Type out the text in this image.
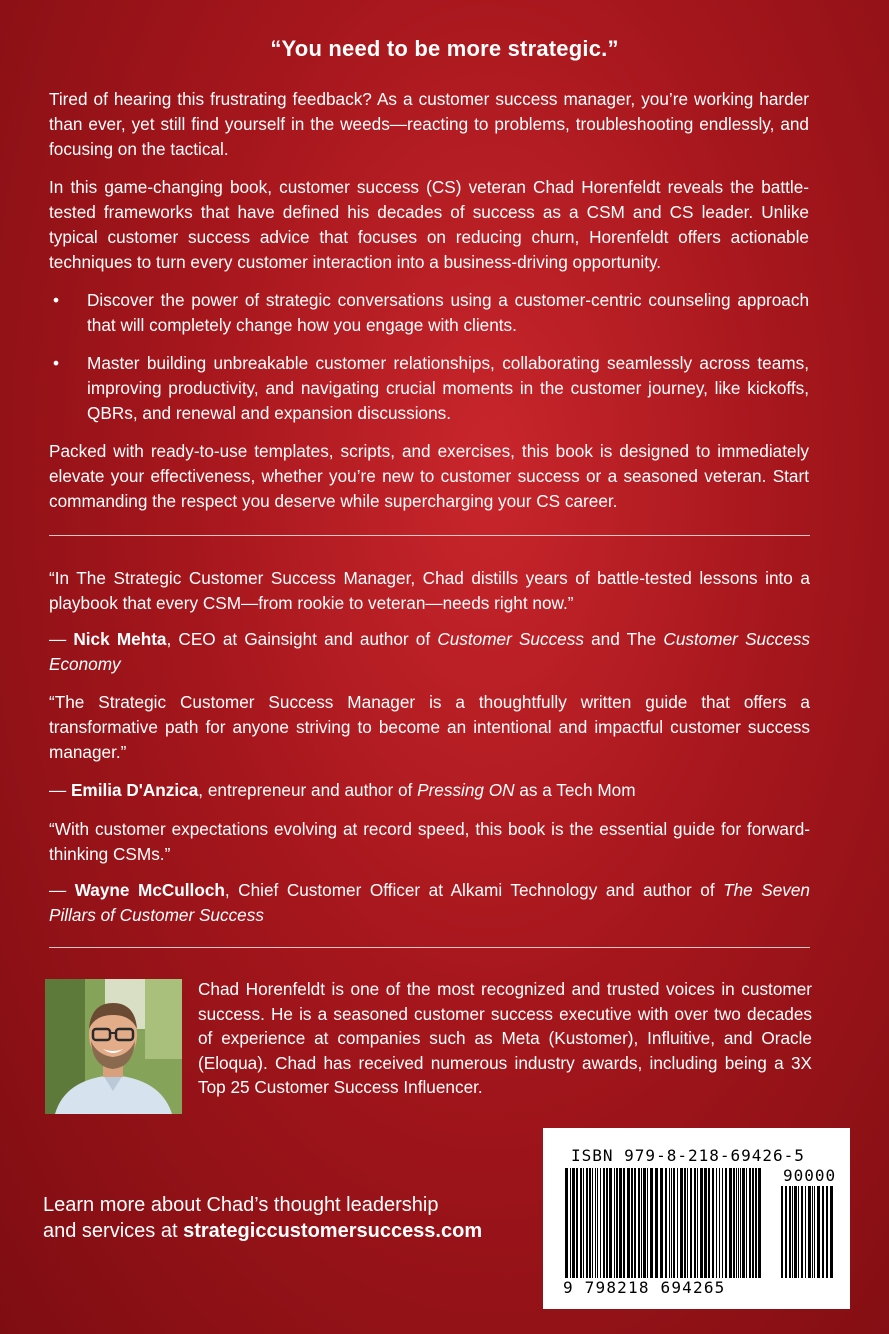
“You need to be more strategic.”
Tired of hearing this frustrating feedback? As a customer success manager, you’re working harder than ever, yet still find yourself in the weeds—reacting to problems, troubleshooting endlessly, and focusing on the tactical.
In this game-changing book, customer success (CS) veteran Chad Horenfeldt reveals the battle-tested frameworks that have defined his decades of success as a CSM and CS leader. Unlike typical customer success advice that focuses on reducing churn, Horenfeldt offers actionable techniques to turn every customer interaction into a business-driving opportunity.
• Discover the power of strategic conversations using a customer-centric counseling approach that will completely change how you engage with clients.
• Master building unbreakable customer relationships, collaborating seamlessly across teams, improving productivity, and navigating crucial moments in the customer journey, like kickoffs, QBRs, and renewal and expansion discussions.
Packed with ready-to-use templates, scripts, and exercises, this book is designed to immediately elevate your effectiveness, whether you’re new to customer success or a seasoned veteran. Start commanding the respect you deserve while supercharging your CS career.
“In The Strategic Customer Success Manager, Chad distills years of battle-tested lessons into a playbook that every CSM—from rookie to veteran—needs right now.”
— Nick Mehta, CEO at Gainsight and author of Customer Success and The Customer Success Economy
“The Strategic Customer Success Manager is a thoughtfully written guide that offers a transformative path for anyone striving to become an intentional and impactful customer success manager.”
— Emilia D'Anzica, entrepreneur and author of Pressing ON as a Tech Mom
“With customer expectations evolving at record speed, this book is the essential guide for forward-thinking CSMs.”
— Wayne McCulloch, Chief Customer Officer at Alkami Technology and author of The Seven Pillars of Customer Success
Chad Horenfeldt is one of the most recognized and trusted voices in customer success. He is a seasoned customer success executive with over two decades of experience at companies such as Meta (Kustomer), Influitive, and Oracle (Eloqua). Chad has received numerous industry awards, including being a 3X Top 25 Customer Success Influencer.
Learn more about Chad’s thought leadership
and services at strategiccustomersuccess.com
ISBN 979-8-218-69426-5
90000
9 798218 694265
